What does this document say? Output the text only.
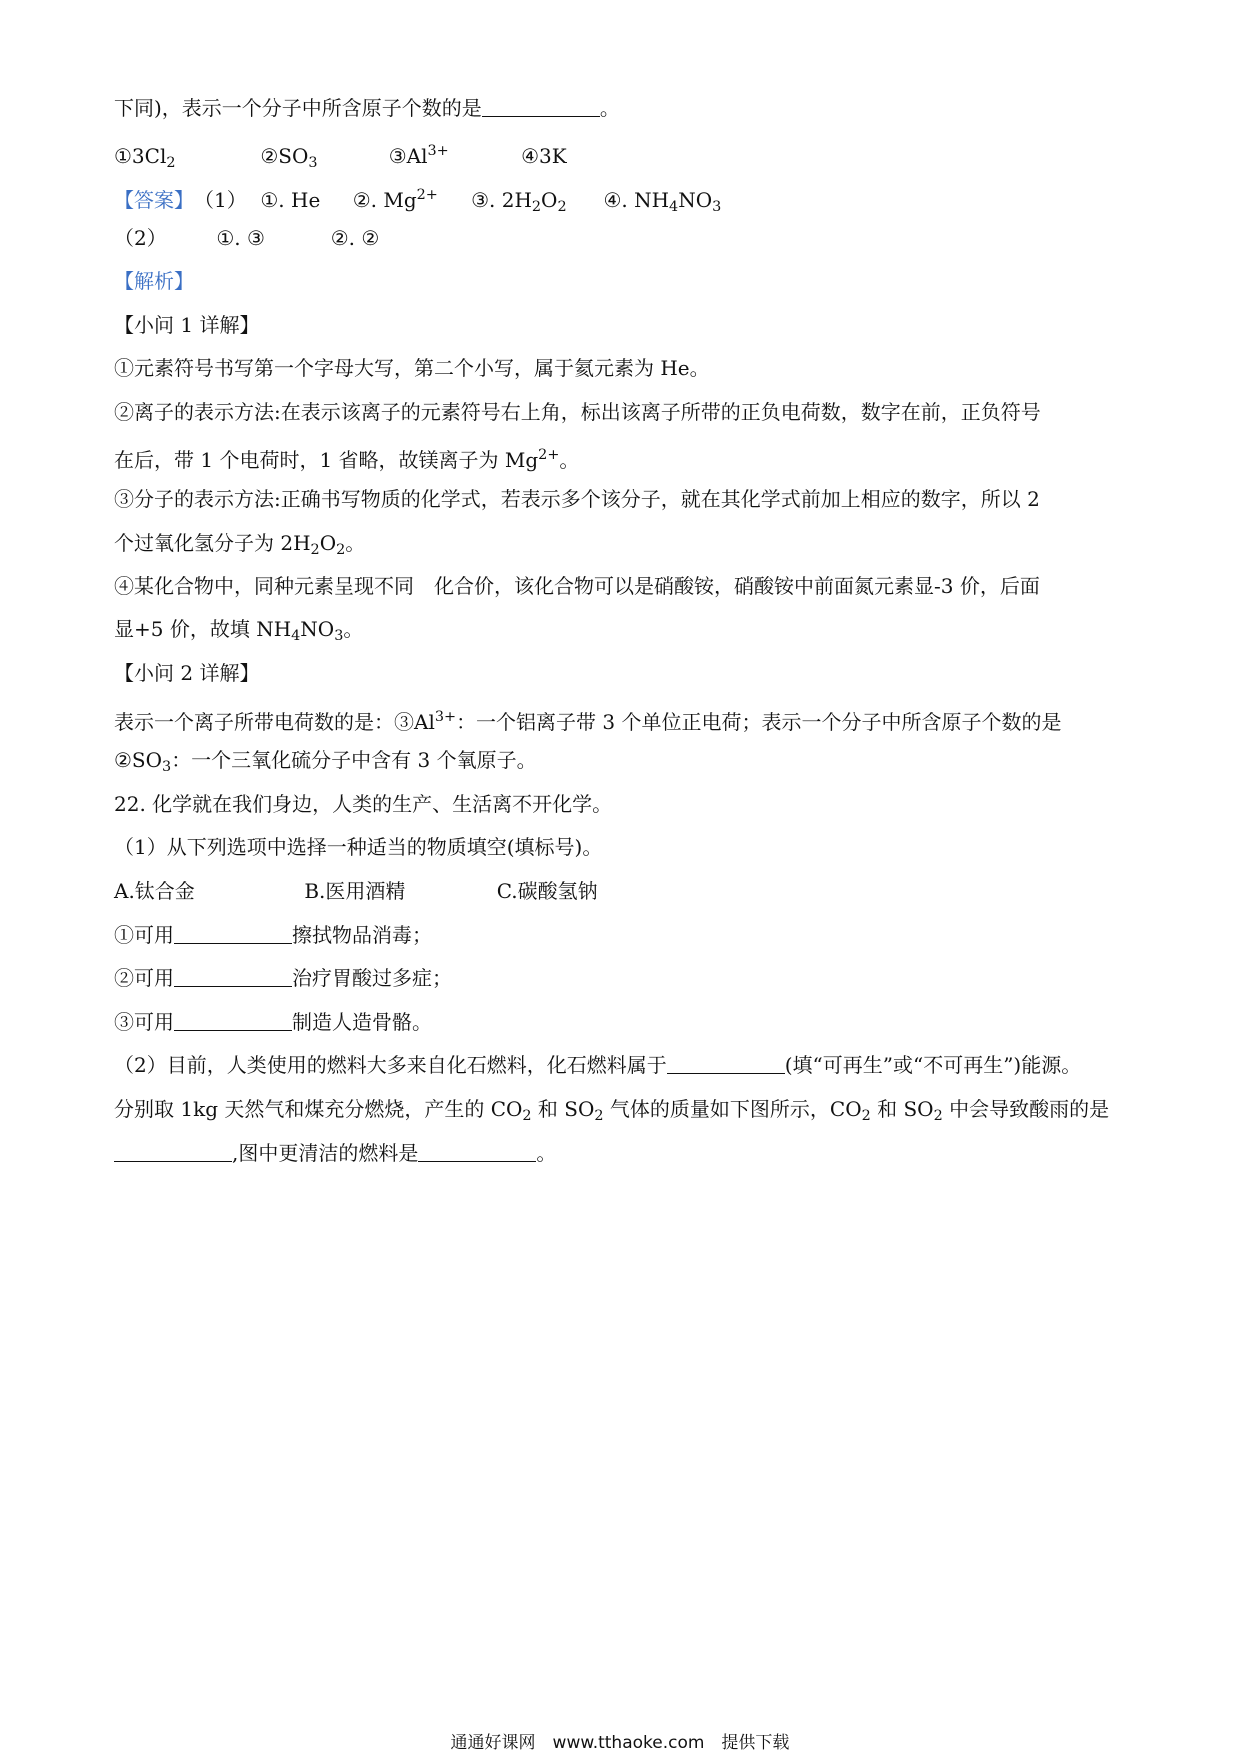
下同)，表示一个分子中所含原子个数的是	。
$①3Cl_2$	$②SO_3$	$③Al^{3+}$	④3K
【答案】（1） ①. He ②. $Mg^{2+}$ ③. $2H_2O_2$ ④. $NH_4NO_3$
（2） ①. ③	②. ②
【解析】
【小问 1 详解】
①元素符号书写第一个字母大写，第二个小写，属于氦元素为 He。
②离子的表示方法:在表示该离子的元素符号右上角，标出该离子所带的正负电荷数，数字在前，正负符号
在后，带 1 个电荷时，1 省略，故镁离子为 $Mg^{2+}$。
③分子的表示方法:正确书写物质的化学式，若表示多个该分子，就在其化学式前加上相应的数字，所以 2
个过氧化氢分子为 $2H_2O_2$。
④某化合物中，同种元素呈现不同　化合价，该化合物可以是硝酸铵，硝酸铵中前面氮元素显-3 价，后面
显+5 价，故填 $NH_4NO_3$。
【小问 2 详解】
表示一个离子所带电荷数的是：$③Al^{3+}$：一个铝离子带 3 个单位正电荷；表示一个分子中所含原子个数的是
$②SO_3$：一个三氧化硫分子中含有 3 个氧原子。
22. 化学就在我们身边，人类的生产、生活离不开化学。
（1）从下列选项中选择一种适当的物质填空(填标号)。
A.钛合金	B.医用酒精	C.碳酸氢钠
①可用	擦拭物品消毒；
②可用	治疗胃酸过多症；
③可用	制造人造骨骼。
（2）目前，人类使用的燃料大多来自化石燃料，化石燃料属于	(填“可再生”或“不可再生”)能源。
分别取 1kg 天然气和煤充分燃烧，产生的 $CO_2$ 和 $SO_2$ 气体的质量如下图所示，$CO_2$ 和 $SO_2$ 中会导致酸雨的是
,图中更清洁的燃料是	。
通通好课网　www.tthaoke.com　提供下载
